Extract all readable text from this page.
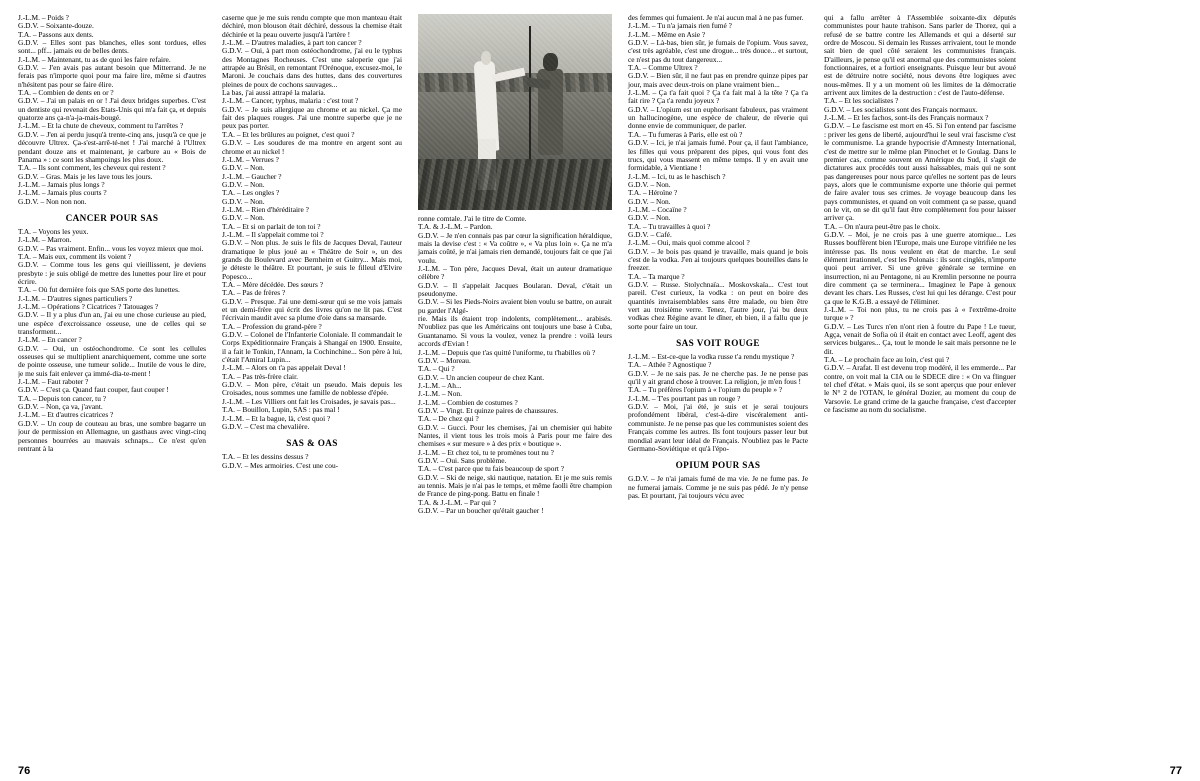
J.-L.M. – Poids ?

G.D.V. – Soixante-douze.

T.A. – Passons aux dents.

G.D.V. – Elles sont pas blanches, elles sont tordues, elles sont... pff... jamais eu de belles dents.

J.-L.M. – Maintenant, tu as de quoi les faire refaire.

G.D.V. – J'en avais pas autant besoin que Mitterrand. Je ne ferais pas n'importe quoi pour ma faire lire, même si d'autres n'hésitent pas pour se faire élire.

T.A. – Combien de dents en or ?

G.D.V. – J'ai un palais en or ! J'ai deux bridges superbes. C'est un dentiste qui revenait des Etats-Unis qui m'a fait ça, et depuis quatorze ans ça-n'a-ja-mais-bougé.

J.-L.M. – Et la chute de cheveux, comment tu l'arrêtes ?

G.D.V. – J'en ai perdu jusqu'à trente-cinq ans, jusqu'à ce que je découvre Ultrex. Ça-s'est-arrê-té-net ! J'ai marché à l'Ultrex pendant douze ans et maintenant, je carbure au « Bois de Panama » : ce sont les shampoings les plus doux.

T.A. – Ils sont comment, les cheveux qui restent ?

G.D.V. – Gras. Mais je les lave tous les jours.

J.-L.M. – Jamais plus longs ?

J.-L.M. – Jamais plus courts ?

G.D.V. – Non non non.

CANCER POUR SAS

T.A. – Voyons les yeux.

J.-L.M. – Marron.

G.D.V. – Pas vraiment. Enfin... vous les voyez mieux que moi.

T.A. – Mais eux, comment ils voient ?

G.D.V. – Comme tous les gens qui vieillissent, je deviens presbyte : je suis obligé de mettre des lunettes pour lire et pour écrire.

T.A. – Où fut dernière fois que SAS porte des lunettes.

J.-L.M. – D'autres signes particuliers ?

J.-L.M. – Opérations ? Cicatrices ? Tatouages ?

G.D.V. – Il y a plus d'un an, j'ai eu une chose curieuse au pied, une espèce d'excroissance osseuse, une de celles qui se transforment...

J.-L.M. – En cancer ?

G.D.V. – Oui, un ostéochondrome. Ce sont les cellules osseuses qui se multiplient anarchiquement, comme une sorte de pointe osseuse, une tumeur solide... Inutile de vous le dire, je me suis fait enlever ça immé-dia-te-ment !

J.-L.M. – Faut raboter ?

G.D.V. – C'est ça. Quand faut couper, faut couper !

T.A. – Depuis ton cancer, tu ?

G.D.V. – Non, ça va, j'avant.

J.-L.M. – Et d'autres cicatrices ?

G.D.V. – Un coup de couteau au bras, une sombre bagarre un jour de permission en Allemagne, un gasthaus avec vingt-cinq personnes bourrées au mauvais schnaps... Ce n'est qu'en rentrant à la

caserne que je me suis rendu compte que mon manteau était déchiré, mon blouson était déchiré, dessous la chemise était déchirée et la peau ouverte jusqu'à l'artère !

J.-L.M. – D'autres maladies, à part ton cancer ?

G.D.V. – Oui, à part mon ostéochondrome, j'ai eu le typhus des Montagnes Rocheuses. C'est une saloperie que j'ai attrapée au Brésil, en remontant l'Orénoque, excusez-moi, le Maroni. Je couchais dans des huttes, dans des couvertures pleines de poux de cochons sauvages...

La bas, j'ai aussi attrapé la malaria.

J.-L.M. – Cancer, typhus, malaria : c'est tout ?

G.D.V. – Je suis allergique au chrome et au nickel. Ça me fait des plaques rouges. J'ai une montre superbe que je ne peux pas porter.

T.A. – Et les brûlures au poignet, c'est quoi ?

G.D.V. – Les soudures de ma montre en argent sont au chrome et au nickel !

J.-L.M. – Verrues ?

G.D.V. – Non.

J.-L.M. – Gaucher ?

G.D.V. – Non.

T.A. – Les ongles ?

G.D.V. – Non.

J.-L.M. – Rien d'héréditaire ?

G.D.V. – Non.

T.A. – Et si on parlait de ton toi ?

J.-L.M. – Il s'appelait comme toi ?

G.D.V. – Non plus. Je suis le fils de Jacques Deval, l'auteur dramatique le plus joué au « Théâtre de Soir », un des grands du Boulevard avec Bernheim et Guitry... Mais moi, je déteste le théâtre. Et pourtant, je suis le filleul d'Elvire Popesco...

T.A. – Mère décédée. Des sœurs ?

T.A. – Pas de frères ?

G.D.V. – Presque. J'ai une demi-sœur qui se me vois jamais et un demi-frère qui écrit des livres qu'on ne lit pas. C'est l'écrivain maudit avec sa plume d'oie dans sa mansarde.

T.A. – Profession du grand-père ?

G.D.V. – Colonel de l'Infanterie Coloniale. Il commandait le Corps Expéditionnaire Français à Shangaï en 1900. Ensuite, il a fait le Tonkin, l'Annam, la Cochinchine... Son père à lui, c'était l'Amiral Lupin...

J.-L.M. – Alors on t'a pas appelait Deval !

T.A. – Pas très-frère clair.

G.D.V. – Mon père, c'était un pseudo. Mais depuis les Croisades, nous sommes une famille de noblesse d'épée.

J.-L.M. – Les Villiers ont fait les Croisades, je savais pas...

T.A. – Bouillon, Lupin, SAS : pas mal !

J.-L.M. – Et la bague, là, c'est quoi ?

G.D.V. – C'est ma chevalière.

SAS & OAS

T.A. – Et les dessins dessus ?

G.D.V. – Mes armoiries. C'est une cou-

ronne comtale. J'ai le titre de Comte.

T.A. & J.-L.M. – Pardon.

G.D.V. – Je n'en connais pas par cœur la signification héraldique, mais la devise c'est : « Va coûtre », « Va plus loin ». Ça ne m'a jamais coûté, je n'ai jamais rien demandé, toujours fait ce que j'ai voulu.

J.-L.M. – Ton père, Jacques Deval, était un auteur dramatique célèbre ?

G.D.V. – Il s'appelait Jacques Boularan. Deval, c'était un pseudonyme.

G.D.V. – Si les Pieds-Noirs avaient bien voulu se battre, on aurait pu garder l'Algé-

rie. Mais ils étaient trop indolents, complètement... arabisés. N'oubliez pas que les Américains ont toujours une base à Cuba, Guantanamo. Si vous la voulez, venez la prendre : voilà leurs accords d'Evian !

J.-L.M. – Depuis que t'as quitté l'uniforme, tu t'habilles où ?

G.D.V. – Moreau.

T.A. – Qui ?

G.D.V. – Un ancien coupeur de chez Kant.

J.-L.M. – Ah...

J.-L.M. – Non.

J.-L.M. – Combien de costumes ?

G.D.V. – Vingt. Et quinze paires de chaussures.

T.A. – De chez qui ?

G.D.V. – Gucci. Pour les chemises, j'ai un chemisier qui habite Nantes, il vient tous les trois mois à Paris pour me faire des chemises « sur mesure » à des prix « boutique ».

J.-L.M. – Et chez toi, tu te promènes tout nu ?

G.D.V. – Oui. Sans problème.

T.A. – C'est parce que tu fais beaucoup de sport ?

G.D.V. – Ski de neige, ski nautique, natation. Et je me suis remis au tennis. Mais je n'ai pas le temps, et même faolli être champion de France de ping-pong. Battu en finale !

T.A. & J.-L.M. – Par qui ?

G.D.V. – Par un boucher qu'était gaucher !

des femmes qui fumaient. Je n'ai aucun mal à ne pas fumer.

J.-L.M. – Tu n'a jamais rien fumé ?

J.-L.M. – Même en Asie ?

G.D.V. – Là-bas, bien sûr, je fumais de l'opium. Vous savez, c'est très agréable, c'est une drogue... très douce... et surtout, ce n'est pas du tout dangereux...

T.A. – Comme Ultrex ?

G.D.V. – Bien sûr, il ne faut pas en prendre quinze pipes par jour, mais avec deux-trois on plane vraiment bien...

J.-L.M. – Ça t'a fait quoi ? Ça t'a fait mal à la tête ? Ça t'a fait rire ? Ça t'a rendu joyeux ?

G.D.V. – L'opium est un euphorisant fabuleux, pas vraiment un hallucinogène, une espèce de chaleur, de rêverie qui donne envie de communiquer, de parler.

T.A. – Tu fumeras à Paris, elle est où ?

G.D.V. – Ici, je n'ai jamais fumé. Pour ça, il faut l'ambiance, les filles qui vous préparent des pipes, qui vous font des trucs, qui vous massent en même temps. Il y en avait une formidable, à Vientiane !

J.-L.M. – Ici, tu as le haschisch ?

G.D.V. – Non.

T.A. – Héroïne ?

G.D.V. – Non.

J.-L.M. – Cocaïne ?

G.D.V. – Non.

T.A. – Tu travailles à quoi ?

G.D.V. – Café.

J.-L.M. – Oui, mais quoi comme alcool ?

G.D.V. – Je bois pas quand je travaille, mais quand je bois c'est de la vodka. J'en ai toujours quelques bouteilles dans le freezer.

T.A. – Ta marque ?

G.D.V. – Russe. Stolychnaïa... Moskovskaïa... C'est tout pareil. C'est curieux, la vodka : on peut en boire des quantités invraisemblables sans être malade, ou bien être vert au troisième verre. Tenez, l'autre jour, j'ai bu deux vodkas chez Régine avant le dîner, eh bien, il a fallu que je sorte pour faire un tour.

SAS VOIT ROUGE

J.-L.M. – Est-ce-que la vodka russe t'a rendu mystique ?

T.A. – Athée ? Agnostique ?

G.D.V. – Je ne sais pas. Je ne cherche pas. Je ne pense pas qu'il y ait grand chose à trouver. La religion, je m'en fous !

T.A. – Tu préfères l'opium à « l'opium du peuple » ?

J.-L.M. – T'es pourtant pas un rouge ?

G.D.V. – Moi, j'ai été, je suis et je serai toujours profondément libéral, c'est-à-dire viscéralement anti-communiste. Je ne pense pas que les communistes soient des Français comme les autres. Ils font toujours passer leur but mondial avant leur idéal de Français. N'oubliez pas le Pacte Germano-Soviétique et qu'à l'épo-

OPIUM POUR SAS

G.D.V. – Je n'ai jamais fumé de ma vie. Je ne fume pas. Je ne fumerai jamais. Comme je ne suis pas pédé. Je n'y pense pas. Et pourtant, j'ai toujours vécu avec

qui a fallu arrêter à l'Assemblée soixante-dix députés communistes pour haute trahison. Sans parler de Thorez, qui a refusé de se battre contre les Allemands et qui a déserté sur ordre de Moscou. Si demain les Russes arrivaient, tout le monde sait bien de quel côté seraient les communistes français. D'ailleurs, je pense qu'il est anormal que des communistes soient fonctionnaires, et a fortiori enseignants. Puisque leur but avoué est de détruire notre société, nous devons être logiques avec nous-mêmes. Il y a un moment où les limites de la démocratie arrivent aux limites de la destruction : c'est de l'auto-défense.

T.A. – Et les socialistes ?

G.D.V. – Les socialistes sont des Français normaux.

J.-L.M. – Et les fachos, sont-ils des Français normaux ?

G.D.V. – Le fascisme est mort en 45. Si l'on entend par fascisme : priver les gens de liberté, aujourd'hui le seul vrai fascisme c'est le communisme. La grande hypocrisie d'Amnesty International, c'est de mettre sur le même plan Pinochet et le Goulag. Dans le premier cas, comme souvent en Amérique du Sud, il s'agit de dictatures aux procédés tout aussi haïssables, mais qui ne sont pas dangereuses pour nous parce qu'elles ne sortent pas de leurs pays, alors que le communisme exporte une théorie qui permet de faire avaler tous ses crimes. Je voyage beaucoup dans les pays communistes, et quand on voit comment ça se passe, quand on le vit, on se dit qu'il faut être complètement fou pour laisser arriver ça.

T.A. – On n'aura peut-être pas le choix.

G.D.V. – Moi, je ne crois pas à une guerre atomique... Les Russes bouffèrent bien l'Europe, mais une Europe vitrifiée ne les intéresse pas. Ils nous veulent en état de marche. Le seul élément irrationnel, c'est les Polonais : ils sont cinglés, n'importe quoi peut arriver. Si une grève générale se termine en insurrection, ni au Pentagone, ni au Kremlin personne ne pourra dire comment ça se terminera... Imaginez le Pape à genoux devant les chars. Les Russes, c'est lui qui les dérange. C'est pour ça que le K.G.B. a essayé de l'éliminer.

J.-L.M. – Toi non plus, tu ne crois pas à « l'extrême-droite turque » ?

G.D.V. – Les Turcs n'en n'ont rien à foutre du Pape ! Le tueur, Agça, venait de Sofia où il était en contact avec Leoff, agent des services bulgares... Ça, tout le monde le sait mais personne ne le dit.

T.A. – Le prochain face au loin, c'est qui ?

G.D.V. – Arafat. Il est devenu trop modéré, il les emmerde... Par contre, on voit mal la CIA ou le SDECE dire : « On va flinguer tel chef d'état. » Mais quoi, ils se sont aperçus que pour enlever le N° 2 de l'OTAN, le général Dozier, au moment du coup de Varsovie. Le grand crime de la gauche française, c'est d'accepter ce fascisme au nom du socialisme.

76	77
